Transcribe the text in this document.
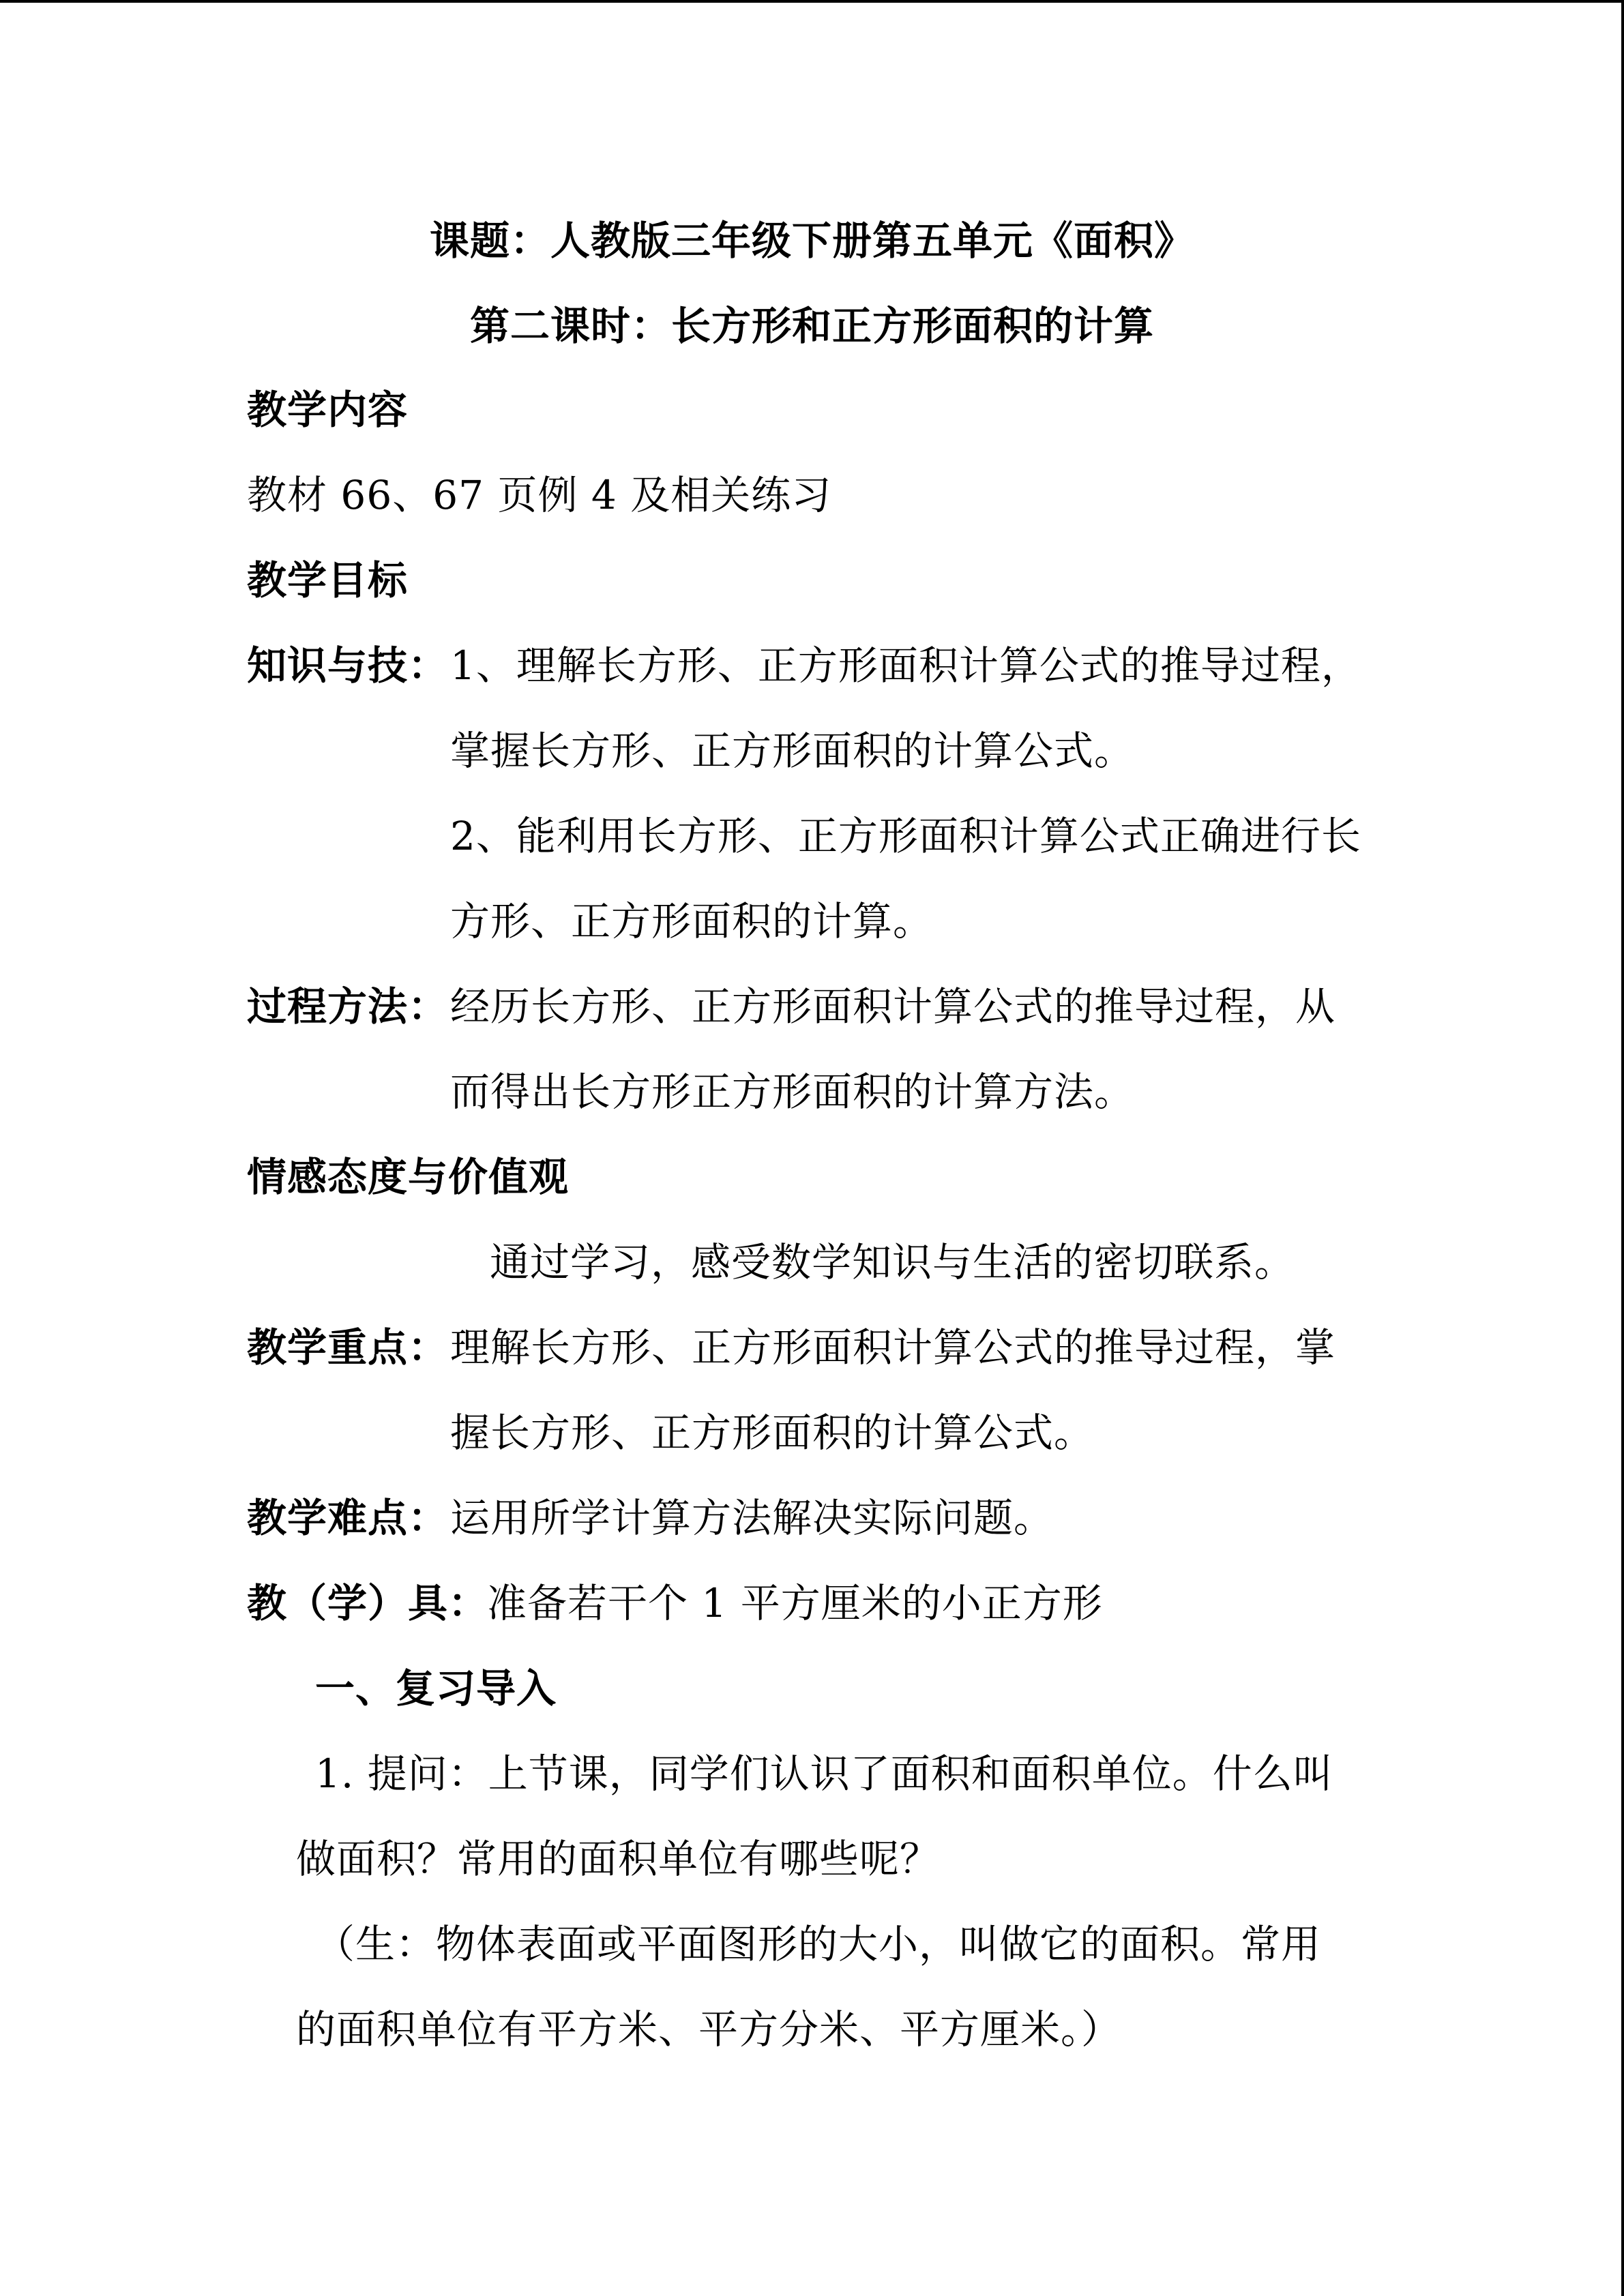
课题：人教版三年级下册第五单元《面积》
第二课时：长方形和正方形面积的计算
教学内容
教材 66、67 页例 4 及相关练习
教学目标
知识与技： 1、理解长方形、正方形面积计算公式的推导过程，
掌握长方形、正方形面积的计算公式。
2、能利用长方形、正方形面积计算公式正确进行长
方形、正方形面积的计算。
过程方法： 经历长方形、正方形面积计算公式的推导过程，从
而得出长方形正方形面积的计算方法。
情感态度与价值观
通过学习，感受数学知识与生活的密切联系。
教学重点： 理解长方形、正方形面积计算公式的推导过程，掌
握长方形、正方形面积的计算公式。
教学难点： 运用所学计算方法解决实际问题。
教（学）具：
准备若干个 1 平方厘米的小正方形
一、复习导入
1. 提问：上节课，同学们认识了面积和面积单位。什么叫
做面积？常用的面积单位有哪些呢？
（生：物体表面或平面图形的大小，叫做它的面积。常用
的面积单位有平方米、平方分米、平方厘米。）
